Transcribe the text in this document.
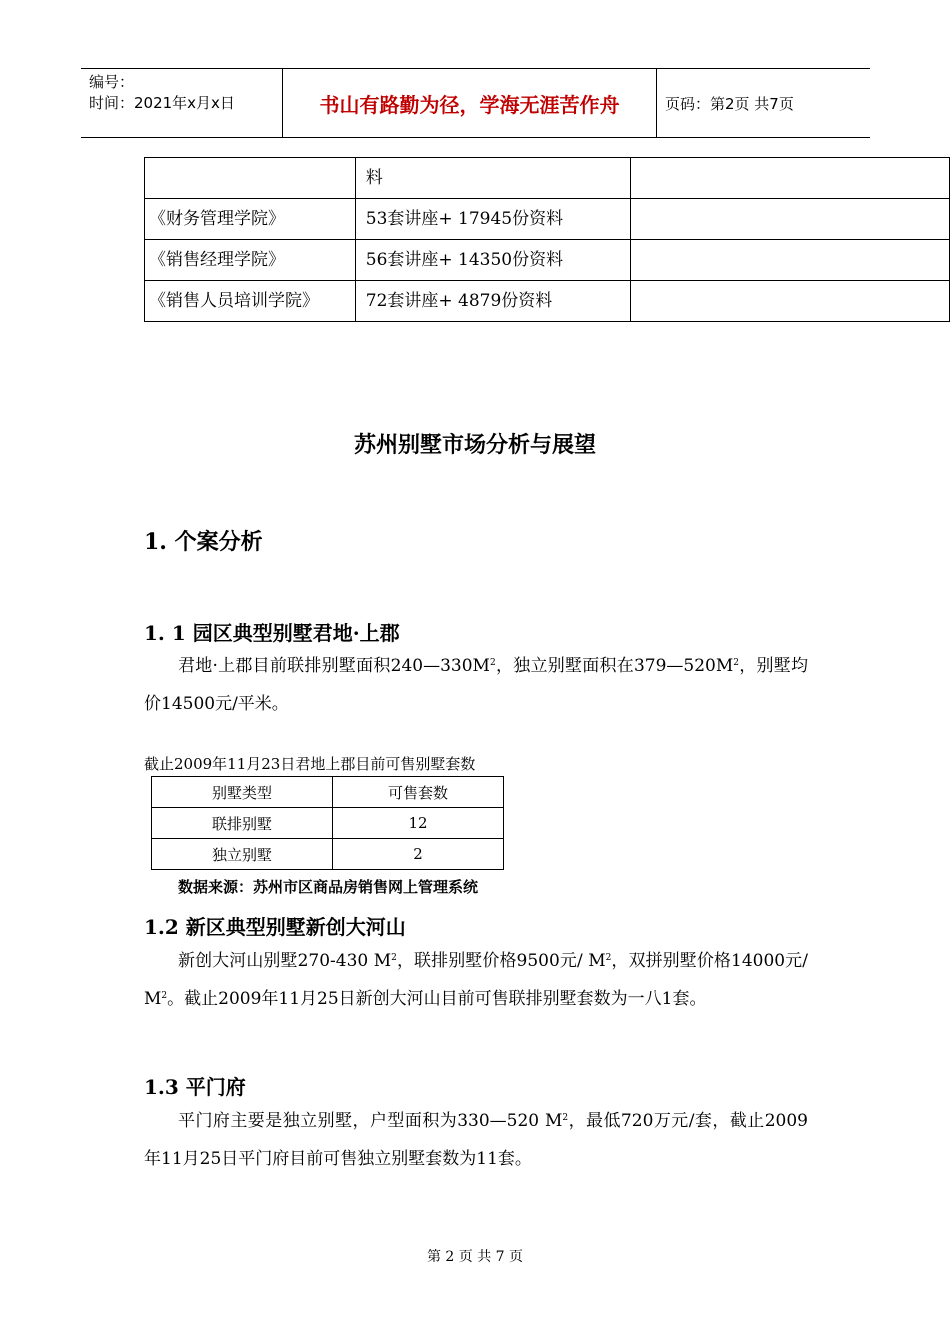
编号：
时间：2021年x月x日	书山有路勤为径，学海无涯苦作舟	页码：第2页 共7页
	料	
《财务管理学院》	53套讲座+ 17945份资料	
《销售经理学院》	56套讲座+ 14350份资料	
《销售人员培训学院》	72套讲座+ 4879份资料	
苏州别墅市场分析与展望
1. 个案分析
1. 1 园区典型别墅君地·上郡

君地·上郡目前联排别墅面积$240—330M^2$，独立别墅面积在$379—520M^2$，别墅均价14500元/平米。

截止2009年11月23日君地上郡目前可售别墅套数
别墅类型	可售套数
联排别墅	12
独立别墅	2
数据来源：苏州市区商品房销售网上管理系统
1.2 新区典型别墅新创大河山

新创大河山别墅270-430 $M^2$，联排别墅价格9500元/ $M^2$，双拼别墅价格14000元/ $M^2$。截止2009年11月25日新创大河山目前可售联排别墅套数为一八1套。

1.3 平门府

平门府主要是独立别墅，户型面积为330—520 $M^2$，最低720万元/套，截止2009年11月25日平门府目前可售独立别墅套数为11套。

第 2 页 共 7 页
